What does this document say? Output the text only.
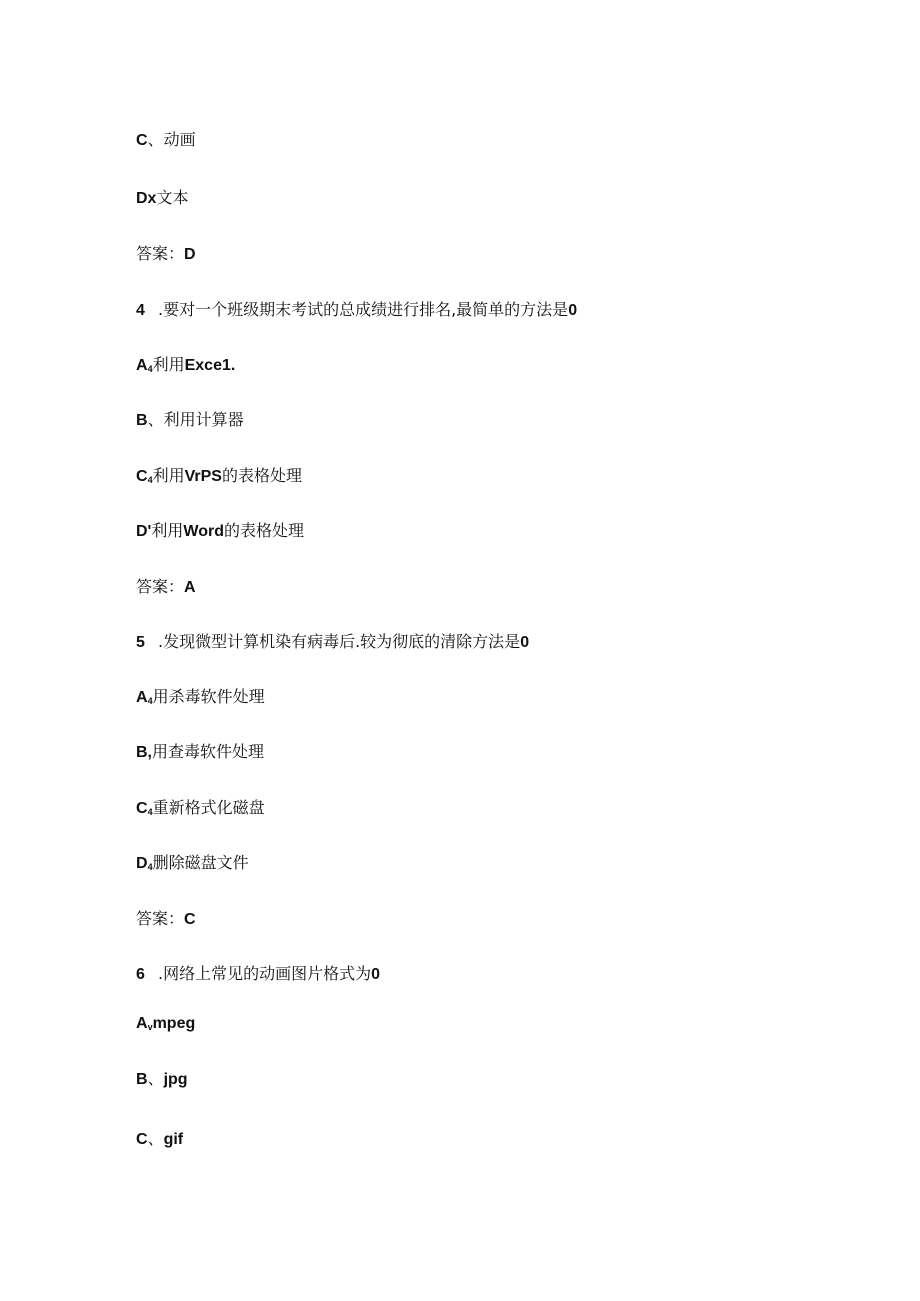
C、动画
Dx文本
答案：D
4 .要对一个班级期末考试的总成绩进行排名,最简单的方法是0
$A_4$利用Exce1.
B、利用计算器
$C_4$利用VrPS的表格处理
D'利用Word的表格处理
答案：A
5 .发现微型计算机染有病毒后.较为彻底的清除方法是0
$A_4$用杀毒软件处理
B,用查毒软件处理
$C_4$重新格式化磁盘
$D_4$删除磁盘文件
答案：C
6 .网络上常见的动画图片格式为0
$A_vmpeg$
B、jpg
C、gif
